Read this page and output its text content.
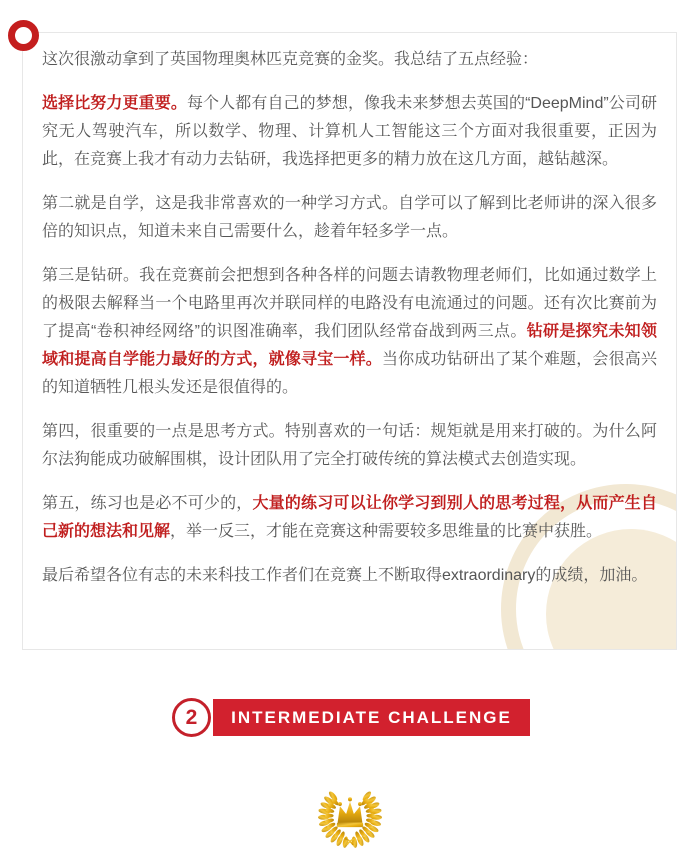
这次很激动拿到了英国物理奥林匹克竞赛的金奖。我总结了五点经验：

选择比努力更重要。每个人都有自己的梦想，像我未来梦想去英国的“DeepMind”公司研究无人驾驶汽车，所以数学、物理、计算机人工智能这三个方面对我很重要，正因为此，在竞赛上我才有动力去钻研，我选择把更多的精力放在这几方面，越钻越深。

第二就是自学，这是我非常喜欢的一种学习方式。自学可以了解到比老师讲的深入很多倍的知识点，知道未来自己需要什么，趁着年轻多学一点。

第三是钻研。我在竞赛前会把想到各种各样的问题去请教物理老师们，比如通过数学上的极限去解释当一个电路里再次并联同样的电路没有电流通过的问题。还有次比赛前为了提高“卷积神经网络”的识图准确率，我们团队经常奋战到两三点。钻研是探究未知领域和提高自学能力最好的方式，就像寻宝一样。当你成功钻研出了某个难题，会很高兴的知道牺牲几根头发还是很值得的。

第四，很重要的一点是思考方式。特别喜欢的一句话：规矩就是用来打破的。为什么阿尔法狗能成功破解围棋，设计团队用了完全打破传统的算法模式去创造实现。

第五，练习也是必不可少的，大量的练习可以让你学习到别人的思考过程，从而产生自己新的想法和见解，举一反三，才能在竞赛这种需要较多思维量的比赛中获胜。

最后希望各位有志的未来科技工作者们在竞赛上不断取得extraordinary的成绩，加油。

INTERMEDIATE CHALLENGE
2
